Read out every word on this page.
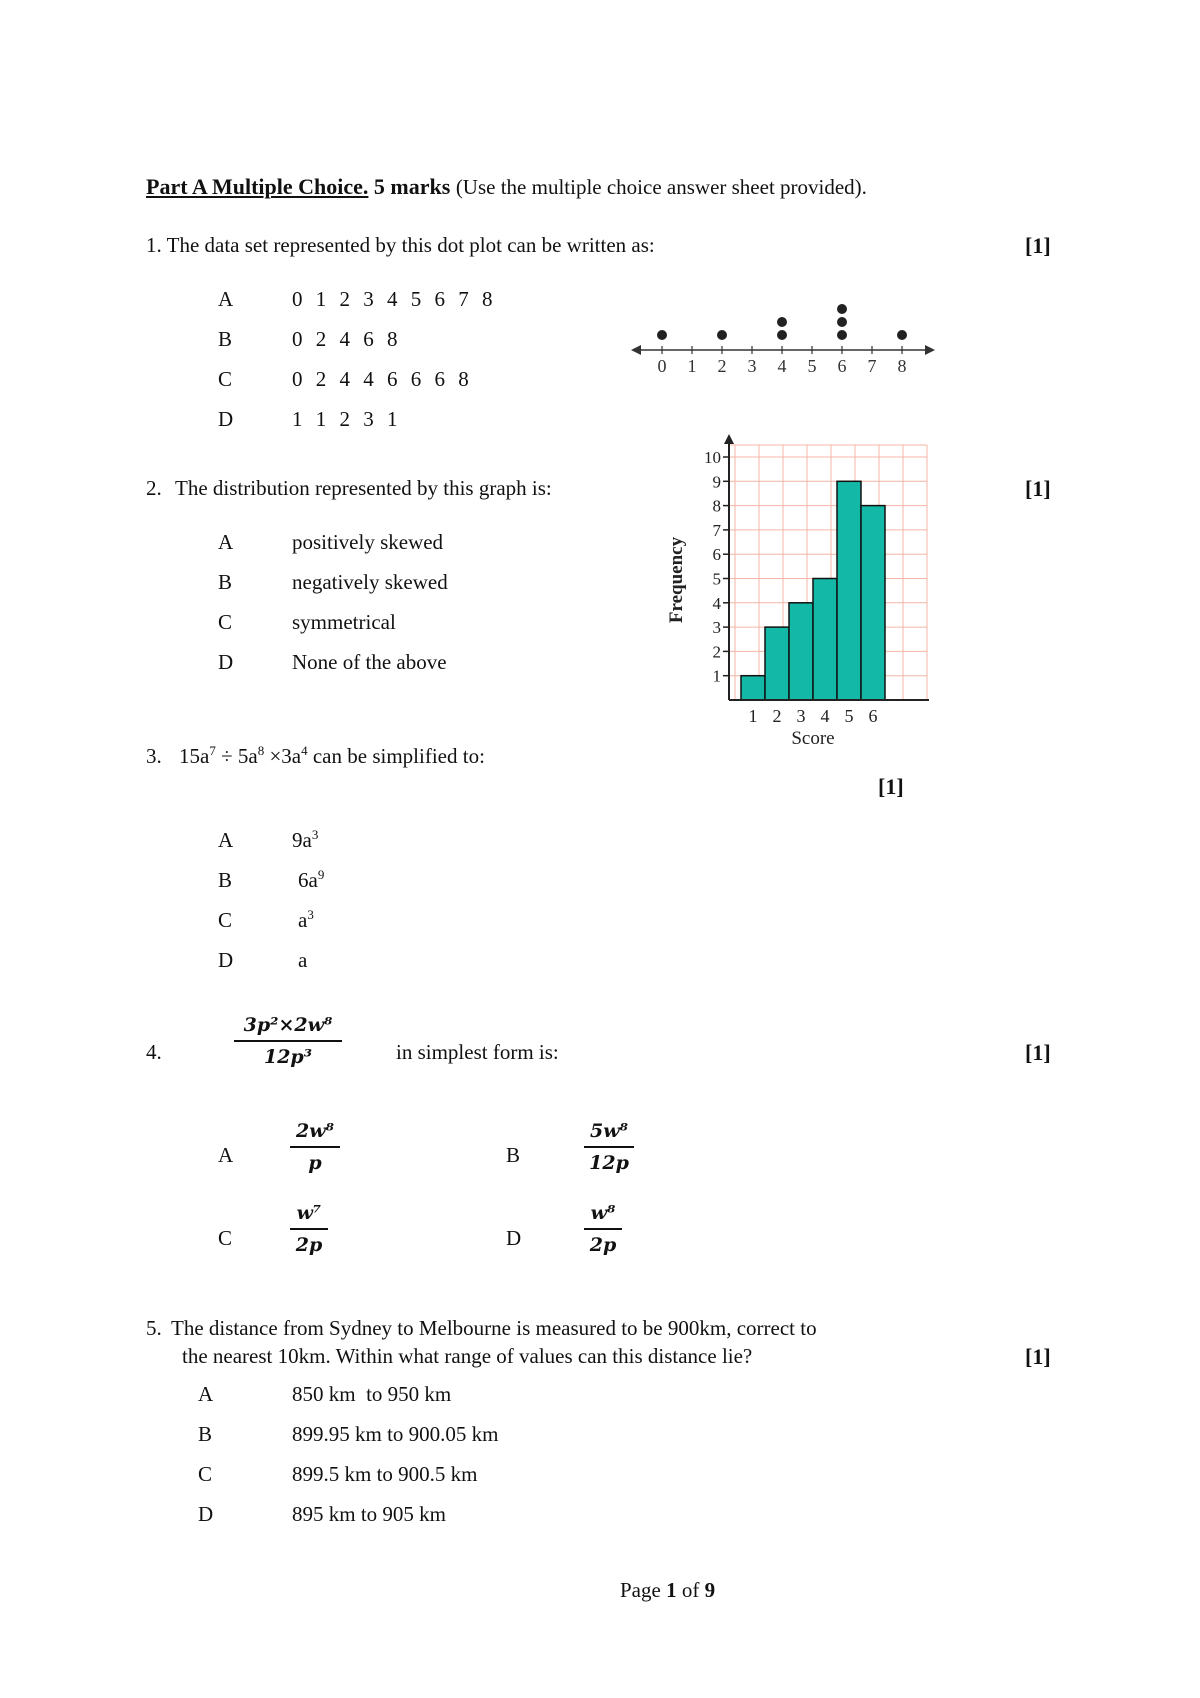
Part A Multiple Choice. 5 marks (Use the multiple choice answer sheet provided).
1. The data set represented by this dot plot can be written as:	[1]
A	0 1 2 3 4 5 6 7 8
B	0 2 4 6 8
C	0 2 4 4 6 6 6 8
D	1 1 2 3 1
0 1 2 3 4 5 6 7 8
2. The distribution represented by this graph is:	[1]
A	positively skewed
B	negatively skewed
C	symmetrical
D	None of the above
1
2
3
4
5
6
7
8
9
10
1 2 3 4 5 6
Score
Frequency
3. $15a^7 \div 5a^8 \times 3a^4$ can be simplified to:
[1]
A	$9a^3$
B	$6a^9$
C	$a^3$
D	a
4.
3p²×2w⁸
12p³	in simplest form is:	[1]
A
2w⁸
p	B
5w⁸
12p
C
w⁷
2p	D
w⁸
2p
5. The distance from Sydney to Melbourne is measured to be 900km, correct to
the nearest 10km. Within what range of values can this distance lie?	[1]
A	850 km  to 950 km
B	899.95 km to 900.05 km
C	899.5 km to 900.5 km
D	895 km to 905 km
Page 1 of 9
